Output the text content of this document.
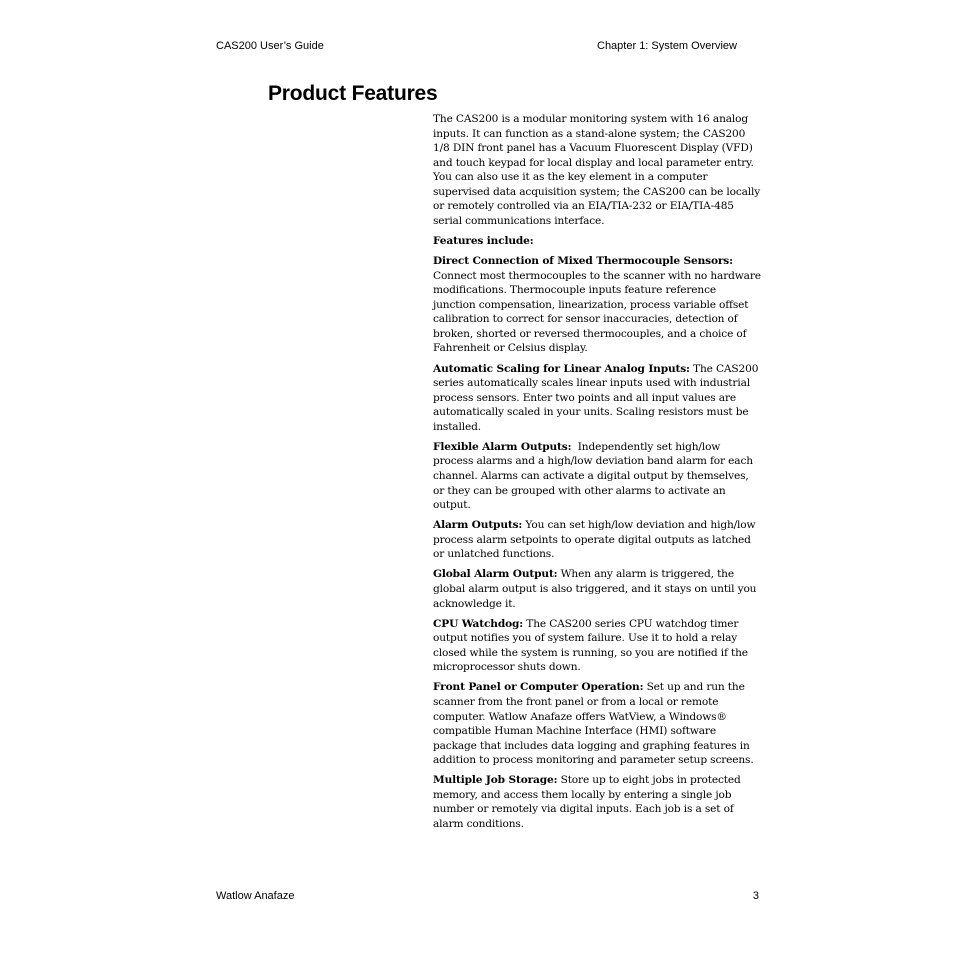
CAS200 User’s Guide	Chapter 1: System Overview
Product Features

The CAS200 is a modular monitoring system with 16 analog inputs. It can function as a stand-alone system; the CAS200 1/8 DIN front panel has a Vacuum Fluorescent Display (VFD) and touch keypad for local display and local parameter entry. You can also use it as the key element in a computer supervised data acquisition system; the CAS200 can be locally or remotely controlled via an EIA/TIA-232 or EIA/TIA-485 serial communications interface.

Features include:

Direct Connection of Mixed Thermocouple Sensors: Connect most thermocouples to the scanner with no hardware modifications. Thermocouple inputs feature reference junction compensation, linearization, process variable offset calibration to correct for sensor inaccuracies, detection of broken, shorted or reversed thermocouples, and a choice of Fahrenheit or Celsius display.

Automatic Scaling for Linear Analog Inputs: The CAS200 series automatically scales linear inputs used with industrial process sensors. Enter two points and all input values are automatically scaled in your units. Scaling resistors must be installed.

Flexible Alarm Outputs: Independently set high/low process alarms and a high/low deviation band alarm for each channel. Alarms can activate a digital output by themselves, or they can be grouped with other alarms to activate an output.

Alarm Outputs: You can set high/low deviation and high/low process alarm setpoints to operate digital outputs as latched or unlatched functions.

Global Alarm Output: When any alarm is triggered, the global alarm output is also triggered, and it stays on until you acknowledge it.

CPU Watchdog: The CAS200 series CPU watchdog timer output notifies you of system failure. Use it to hold a relay closed while the system is running, so you are notified if the microprocessor shuts down.

Front Panel or Computer Operation: Set up and run the scanner from the front panel or from a local or remote computer. Watlow Anafaze offers WatView, a Windows® compatible Human Machine Interface (HMI) software package that includes data logging and graphing features in addition to process monitoring and parameter setup screens.

Multiple Job Storage: Store up to eight jobs in protected memory, and access them locally by entering a single job number or remotely via digital inputs. Each job is a set of alarm conditions.

Watlow Anafaze	3
